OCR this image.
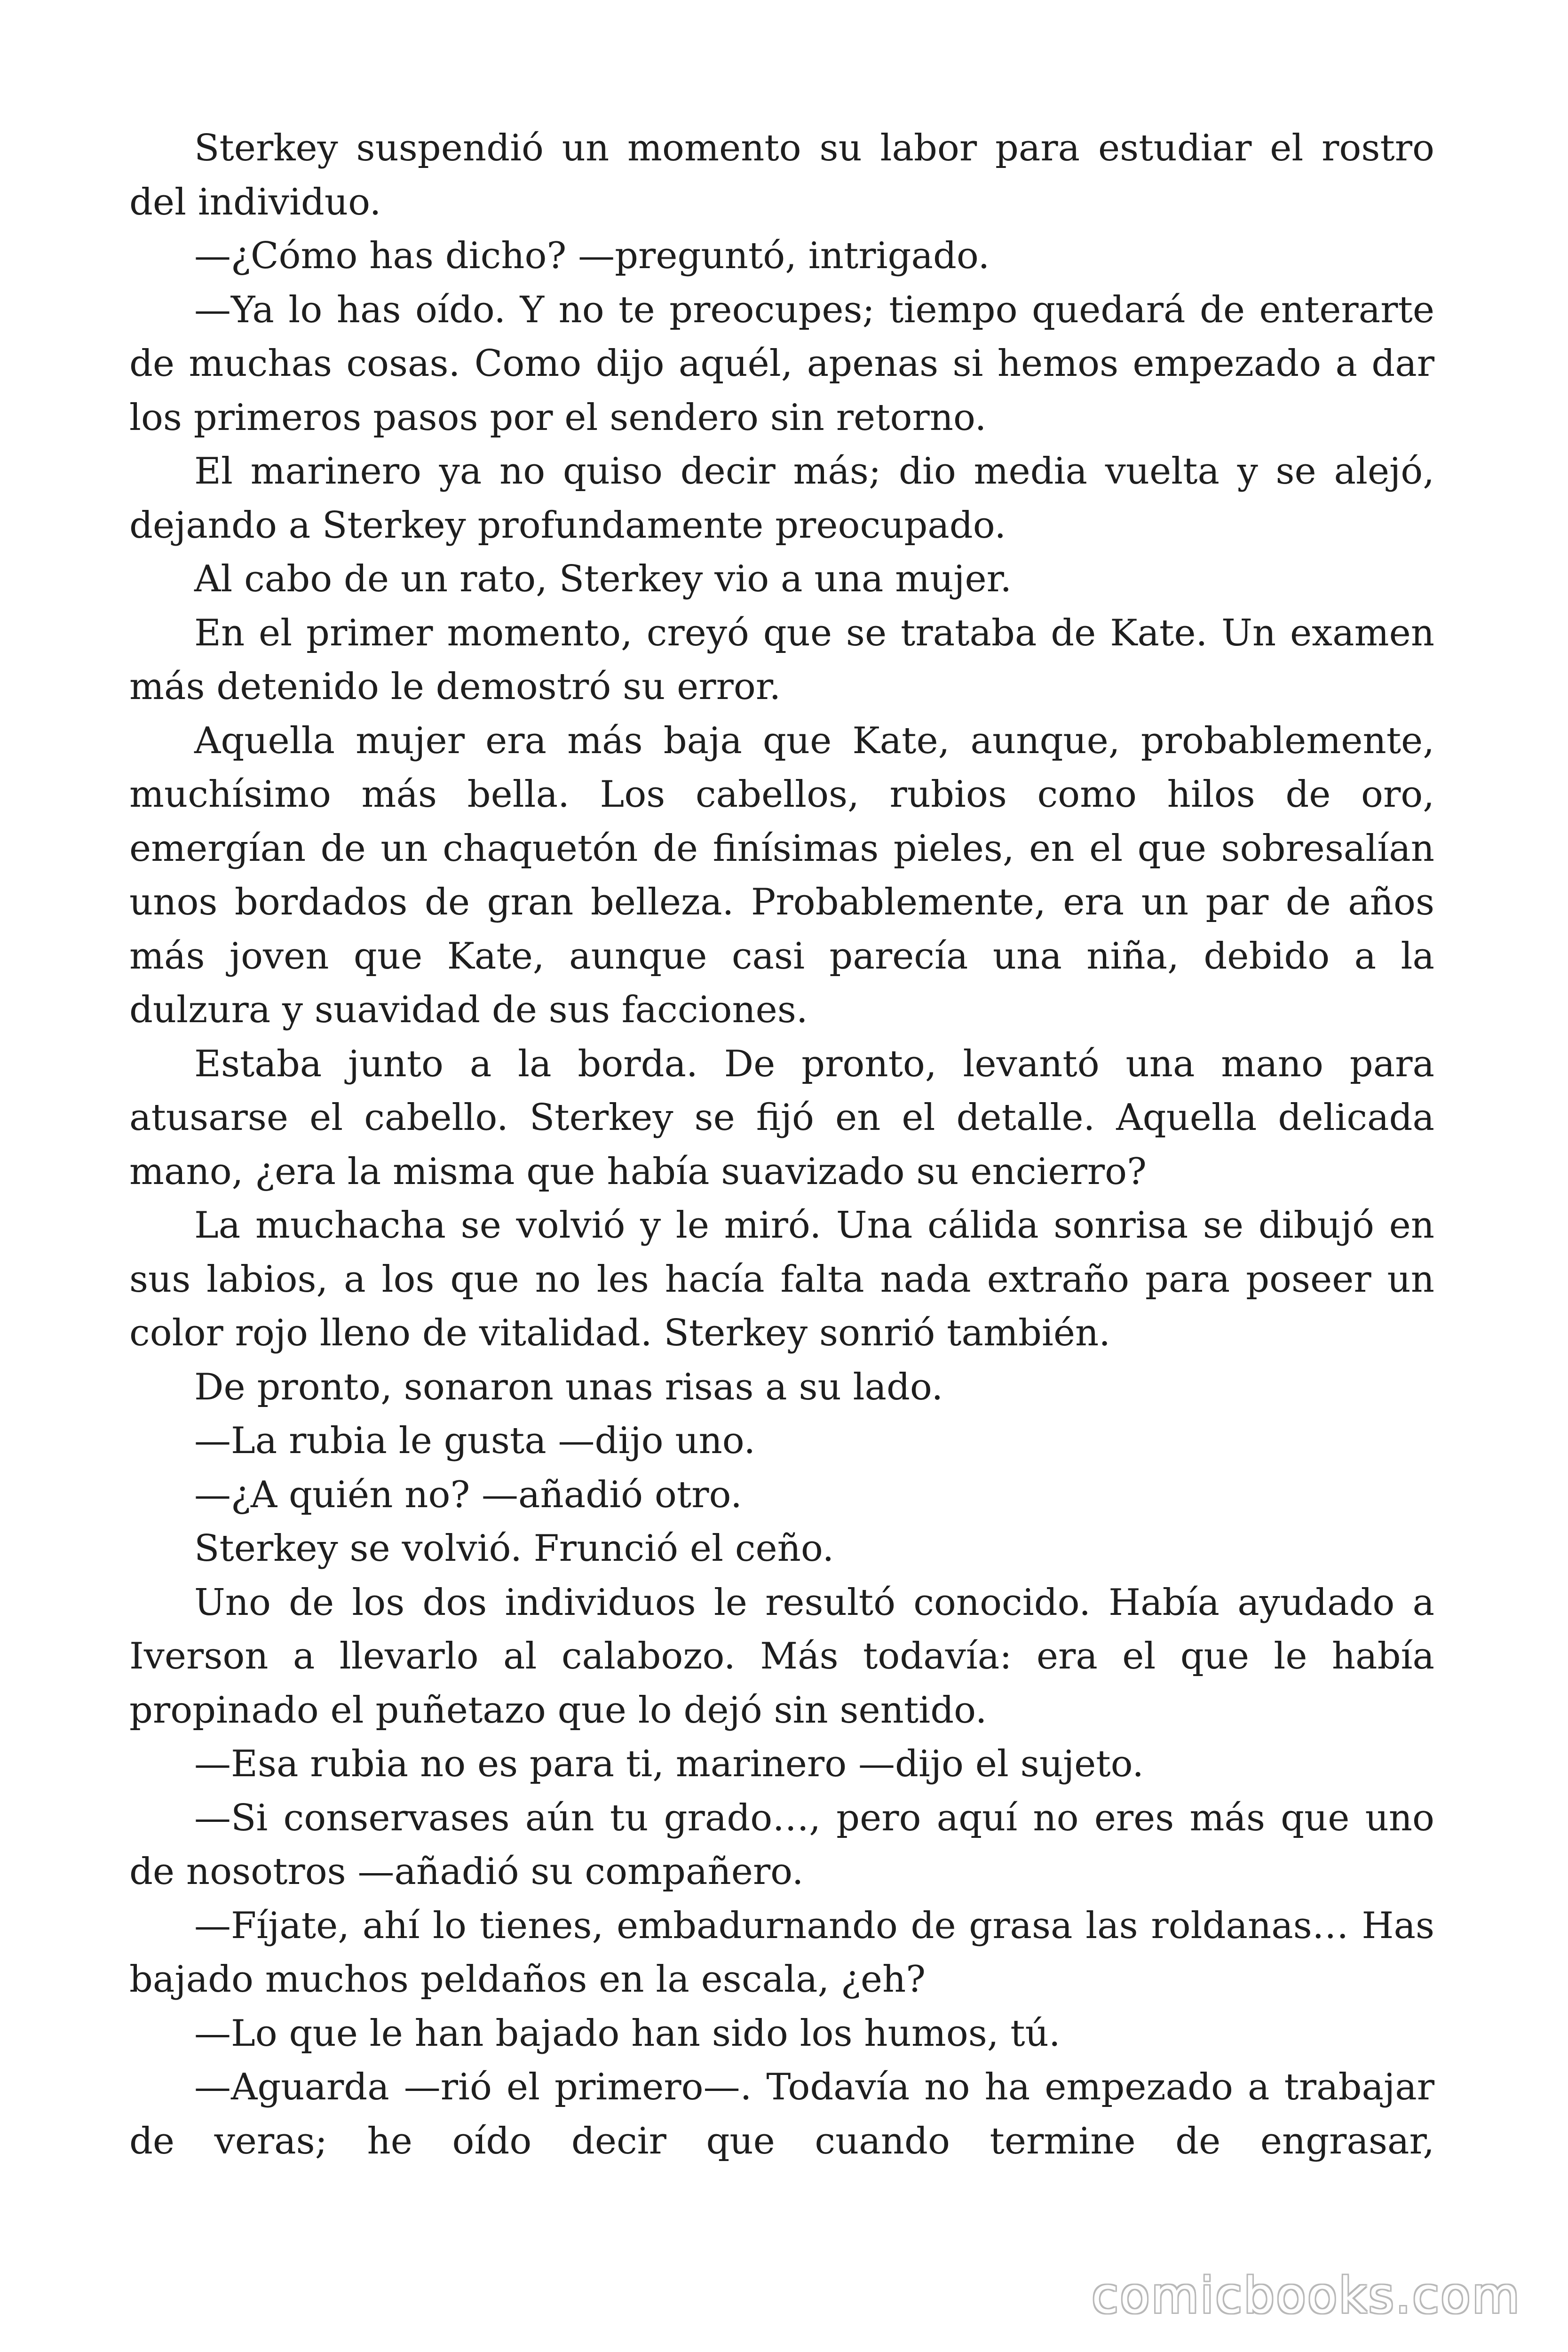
Sterkey suspendió un momento su labor para estudiar el rostro del individuo.

—¿Cómo has dicho? —preguntó, intrigado.

—Ya lo has oído. Y no te preocupes; tiempo quedará de enterarte de muchas cosas. Como dijo aquél, apenas si hemos empezado a dar los primeros pasos por el sendero sin retorno.

El marinero ya no quiso decir más; dio media vuelta y se alejó, dejando a Sterkey profundamente preocupado.

Al cabo de un rato, Sterkey vio a una mujer.

En el primer momento, creyó que se trataba de Kate. Un examen más detenido le demostró su error.

Aquella mujer era más baja que Kate, aunque, probablemente, muchísimo más bella. Los cabellos, rubios como hilos de oro, emergían de un chaquetón de finísimas pieles, en el que sobresalían unos bordados de gran belleza. Probablemente, era un par de años más joven que Kate, aunque casi parecía una niña, debido a la dulzura y suavidad de sus facciones.

Estaba junto a la borda. De pronto, levantó una mano para atusarse el cabello. Sterkey se fijó en el detalle. Aquella delicada mano, ¿era la misma que había suavizado su encierro?

La muchacha se volvió y le miró. Una cálida sonrisa se dibujó en sus labios, a los que no les hacía falta nada extraño para poseer un color rojo lleno de vitalidad. Sterkey sonrió también.

De pronto, sonaron unas risas a su lado.

—La rubia le gusta —dijo uno.

—¿A quién no? —añadió otro.

Sterkey se volvió. Frunció el ceño.

Uno de los dos individuos le resultó conocido. Había ayudado a Iverson a llevarlo al calabozo. Más todavía: era el que le había propinado el puñetazo que lo dejó sin sentido.

—Esa rubia no es para ti, marinero —dijo el sujeto.

—Si conservases aún tu grado…, pero aquí no eres más que uno de nosotros —añadió su compañero.

—Fíjate, ahí lo tienes, embadurnando de grasa las roldanas… Has bajado muchos peldaños en la escala, ¿eh?

—Lo que le han bajado han sido los humos, tú.

—Aguarda —rió el primero—. Todavía no ha empezado a trabajar de veras; he oído decir que cuando termine de engrasar,

comicbooks.com
